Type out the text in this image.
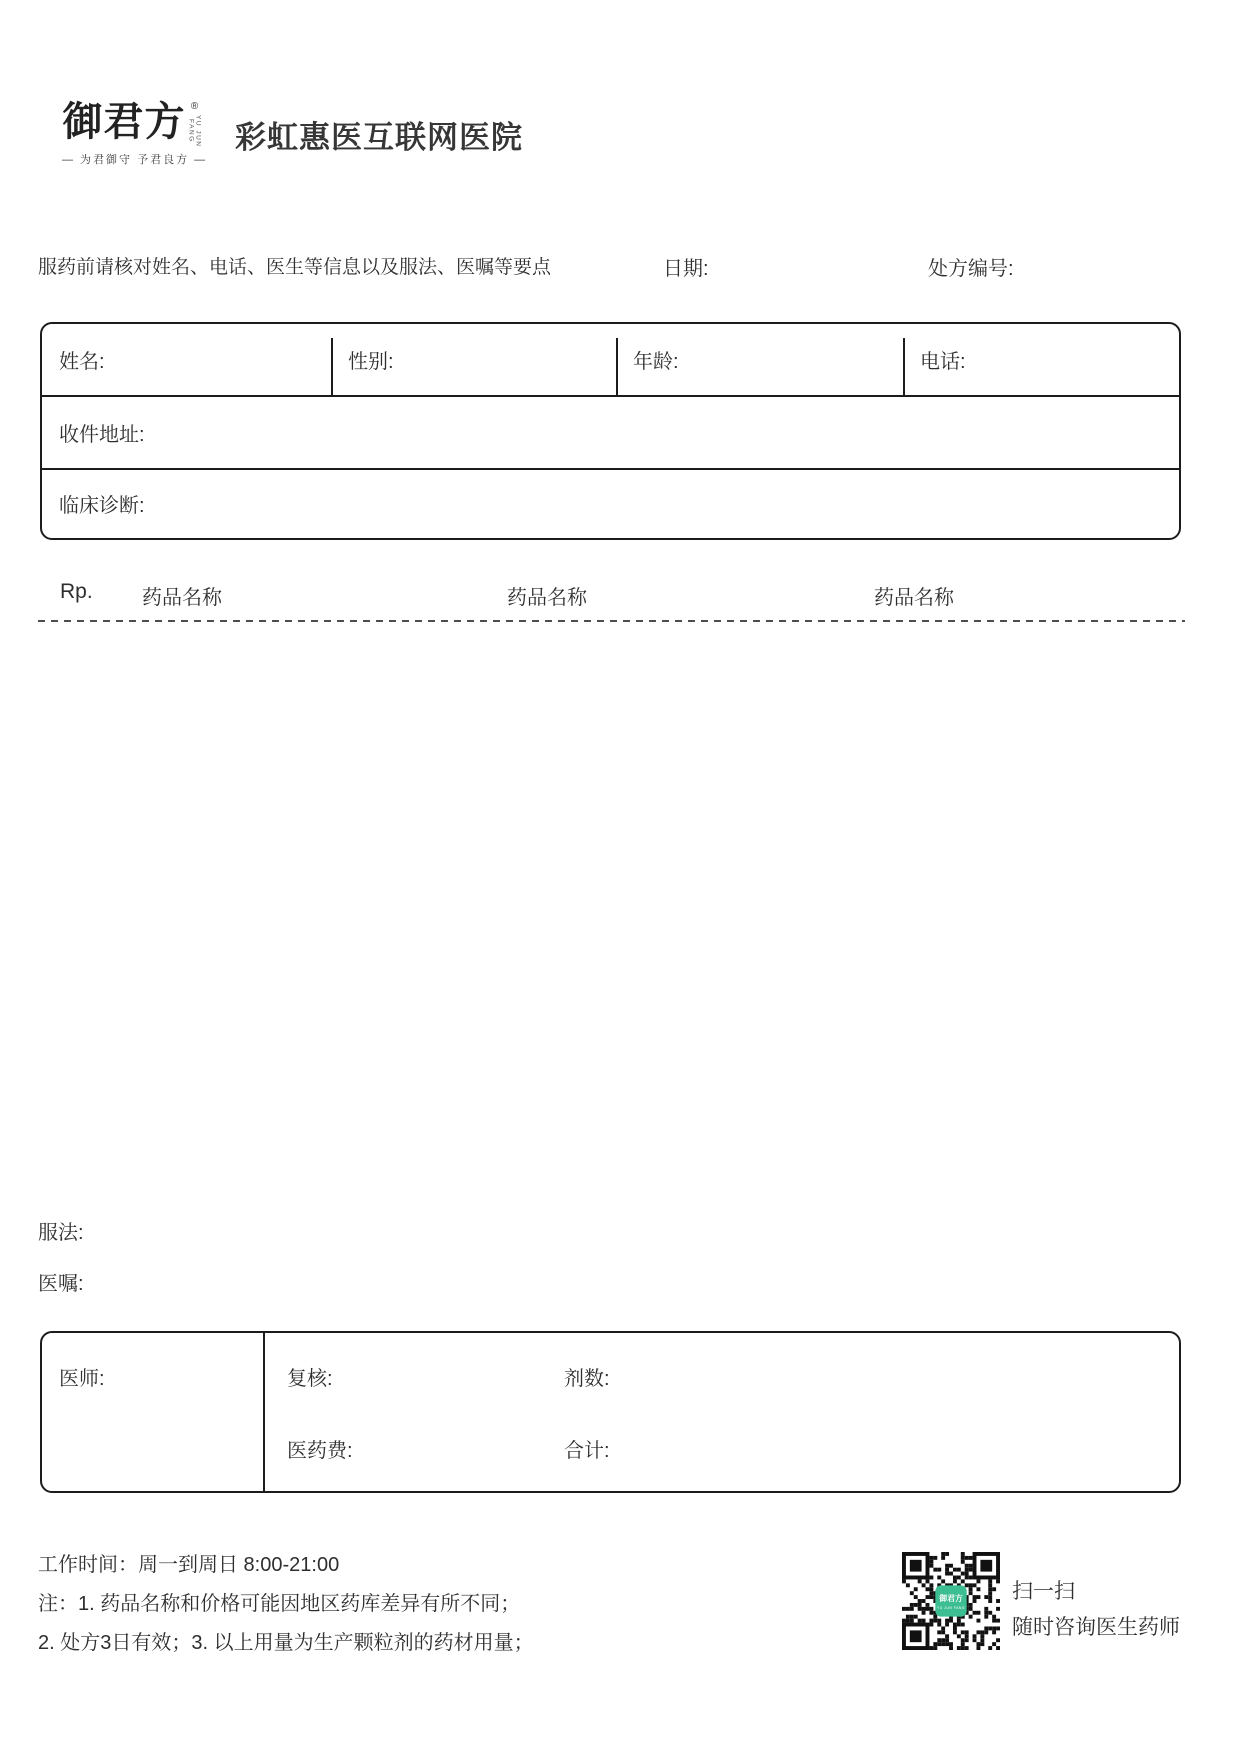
御君方 ®
YU JUN FANG
— 为君御守 予君良方 —
彩虹惠医互联网医院
服药前请核对姓名、电话、医生等信息以及服法、医嘱等要点	日期:	处方编号:
姓名:	性别:	年龄:	电话:
收件地址:
临床诊断:
Rp. 药品名称	药品名称	药品名称
服法:
医嘱:
医师:	复核:	剂数:
医药费:	合计:
工作时间：周一到周日 8:00-21:00
注：1. 药品名称和价格可能因地区药库差异有所不同；
2. 处方3日有效；3. 以上用量为生产颗粒剂的药材用量；
御君方
YU JUN FANG
扫一扫
随时咨询医生药师
